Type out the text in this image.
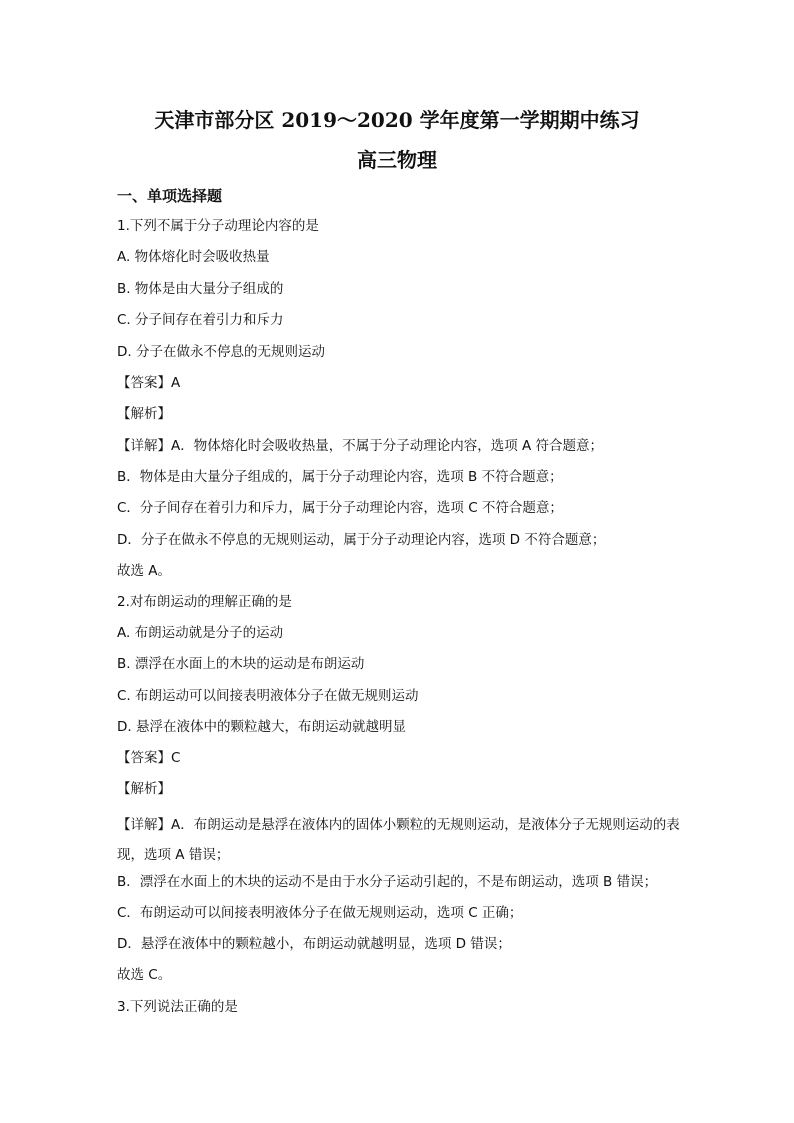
天津市部分区 2019～2020 学年度第一学期期中练习
高三物理
一、单项选择题
1.下列不属于分子动理论内容的是
A. 物体熔化时会吸收热量
B. 物体是由大量分子组成的
C. 分子间存在着引力和斥力
D. 分子在做永不停息的无规则运动
【答案】A
【解析】
【详解】A．物体熔化时会吸收热量，不属于分子动理论内容，选项 A 符合题意；
B．物体是由大量分子组成的，属于分子动理论内容，选项 B 不符合题意；
C．分子间存在着引力和斥力，属于分子动理论内容，选项 C 不符合题意；
D．分子在做永不停息的无规则运动，属于分子动理论内容，选项 D 不符合题意；
故选 A。
2.对布朗运动的理解正确的是
A. 布朗运动就是分子的运动
B. 漂浮在水面上的木块的运动是布朗运动
C. 布朗运动可以间接表明液体分子在做无规则运动
D. 悬浮在液体中的颗粒越大，布朗运动就越明显
【答案】C
【解析】
【详解】A．布朗运动是悬浮在液体内的固体小颗粒的无规则运动，是液体分子无规则运动的表现，选项 A 错误；
B．漂浮在水面上的木块的运动不是由于水分子运动引起的，不是布朗运动，选项 B 错误；
C．布朗运动可以间接表明液体分子在做无规则运动，选项 C 正确；
D．悬浮在液体中的颗粒越小，布朗运动就越明显，选项 D 错误；
故选 C。
3.下列说法正确的是
